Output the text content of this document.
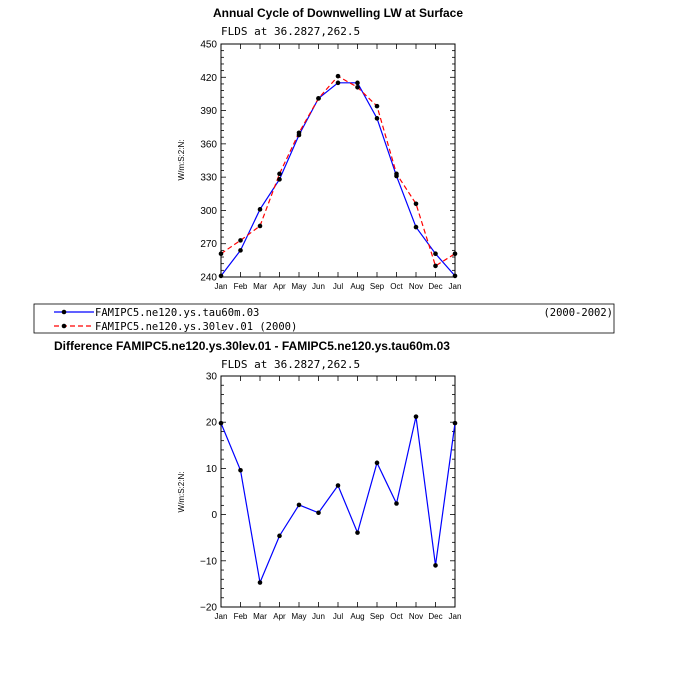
Annual Cycle of Downwelling LW at Surface
FLDS at 36.2827,262.5
W/m:S:2:N:
FAMIPC5.ne120.ys.tau60m.03	(2000-2002)
FAMIPC5.ne120.ys.30lev.01 (2000)
Difference FAMIPC5.ne120.ys.30lev.01 - FAMIPC5.ne120.ys.tau60m.03
FLDS at 36.2827,262.5
W/m:S:2:N:
240
270
300
330
360
390
420
450
Jan Feb Mar Apr May Jun Jul Aug Sep Oct Nov Dec Jan
−20
−10
0
10
20
30
Jan Feb Mar Apr May Jun Jul Aug Sep Oct Nov Dec Jan
